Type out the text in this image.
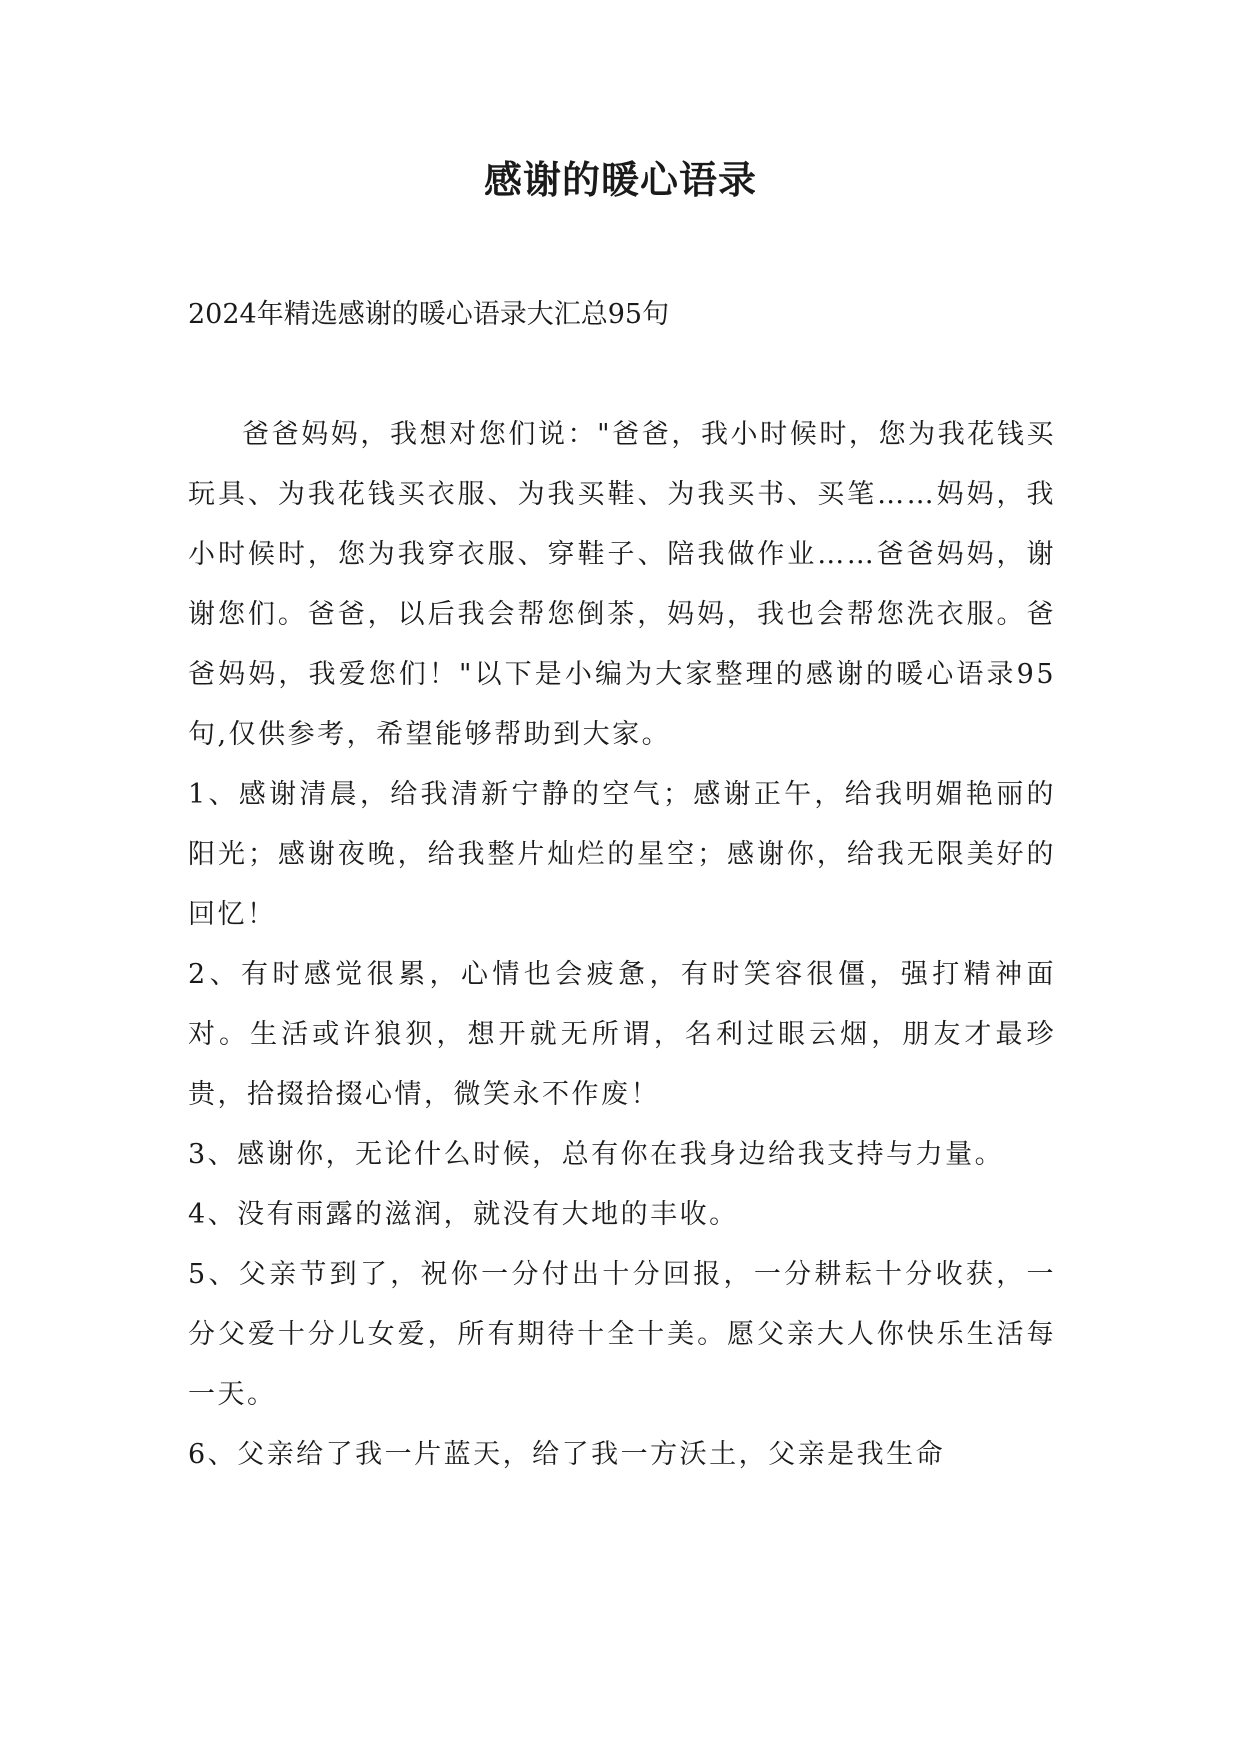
感谢的暖心语录

2024年精选感谢的暖心语录大汇总95句

爸爸妈妈，我想对您们说："爸爸，我小时候时，您为我花钱买玩具、为我花钱买衣服、为我买鞋、为我买书、买笔……妈妈，我小时候时，您为我穿衣服、穿鞋子、陪我做作业……爸爸妈妈，谢谢您们。爸爸，以后我会帮您倒茶，妈妈，我也会帮您洗衣服。爸爸妈妈，我爱您们！"以下是小编为大家整理的感谢的暖心语录95句,仅供参考，希望能够帮助到大家。

1、感谢清晨，给我清新宁静的空气；感谢正午，给我明媚艳丽的阳光；感谢夜晚，给我整片灿烂的星空；感谢你，给我无限美好的回忆！

2、有时感觉很累，心情也会疲惫，有时笑容很僵，强打精神面对。生活或许狼狈，想开就无所谓，名利过眼云烟，朋友才最珍贵，拾掇拾掇心情，微笑永不作废！

3、感谢你，无论什么时候，总有你在我身边给我支持与力量。

4、没有雨露的滋润，就没有大地的丰收。

5、父亲节到了，祝你一分付出十分回报，一分耕耘十分收获，一分父爱十分儿女爱，所有期待十全十美。愿父亲大人你快乐生活每一天。

6、父亲给了我一片蓝天，给了我一方沃土，父亲是我生命
